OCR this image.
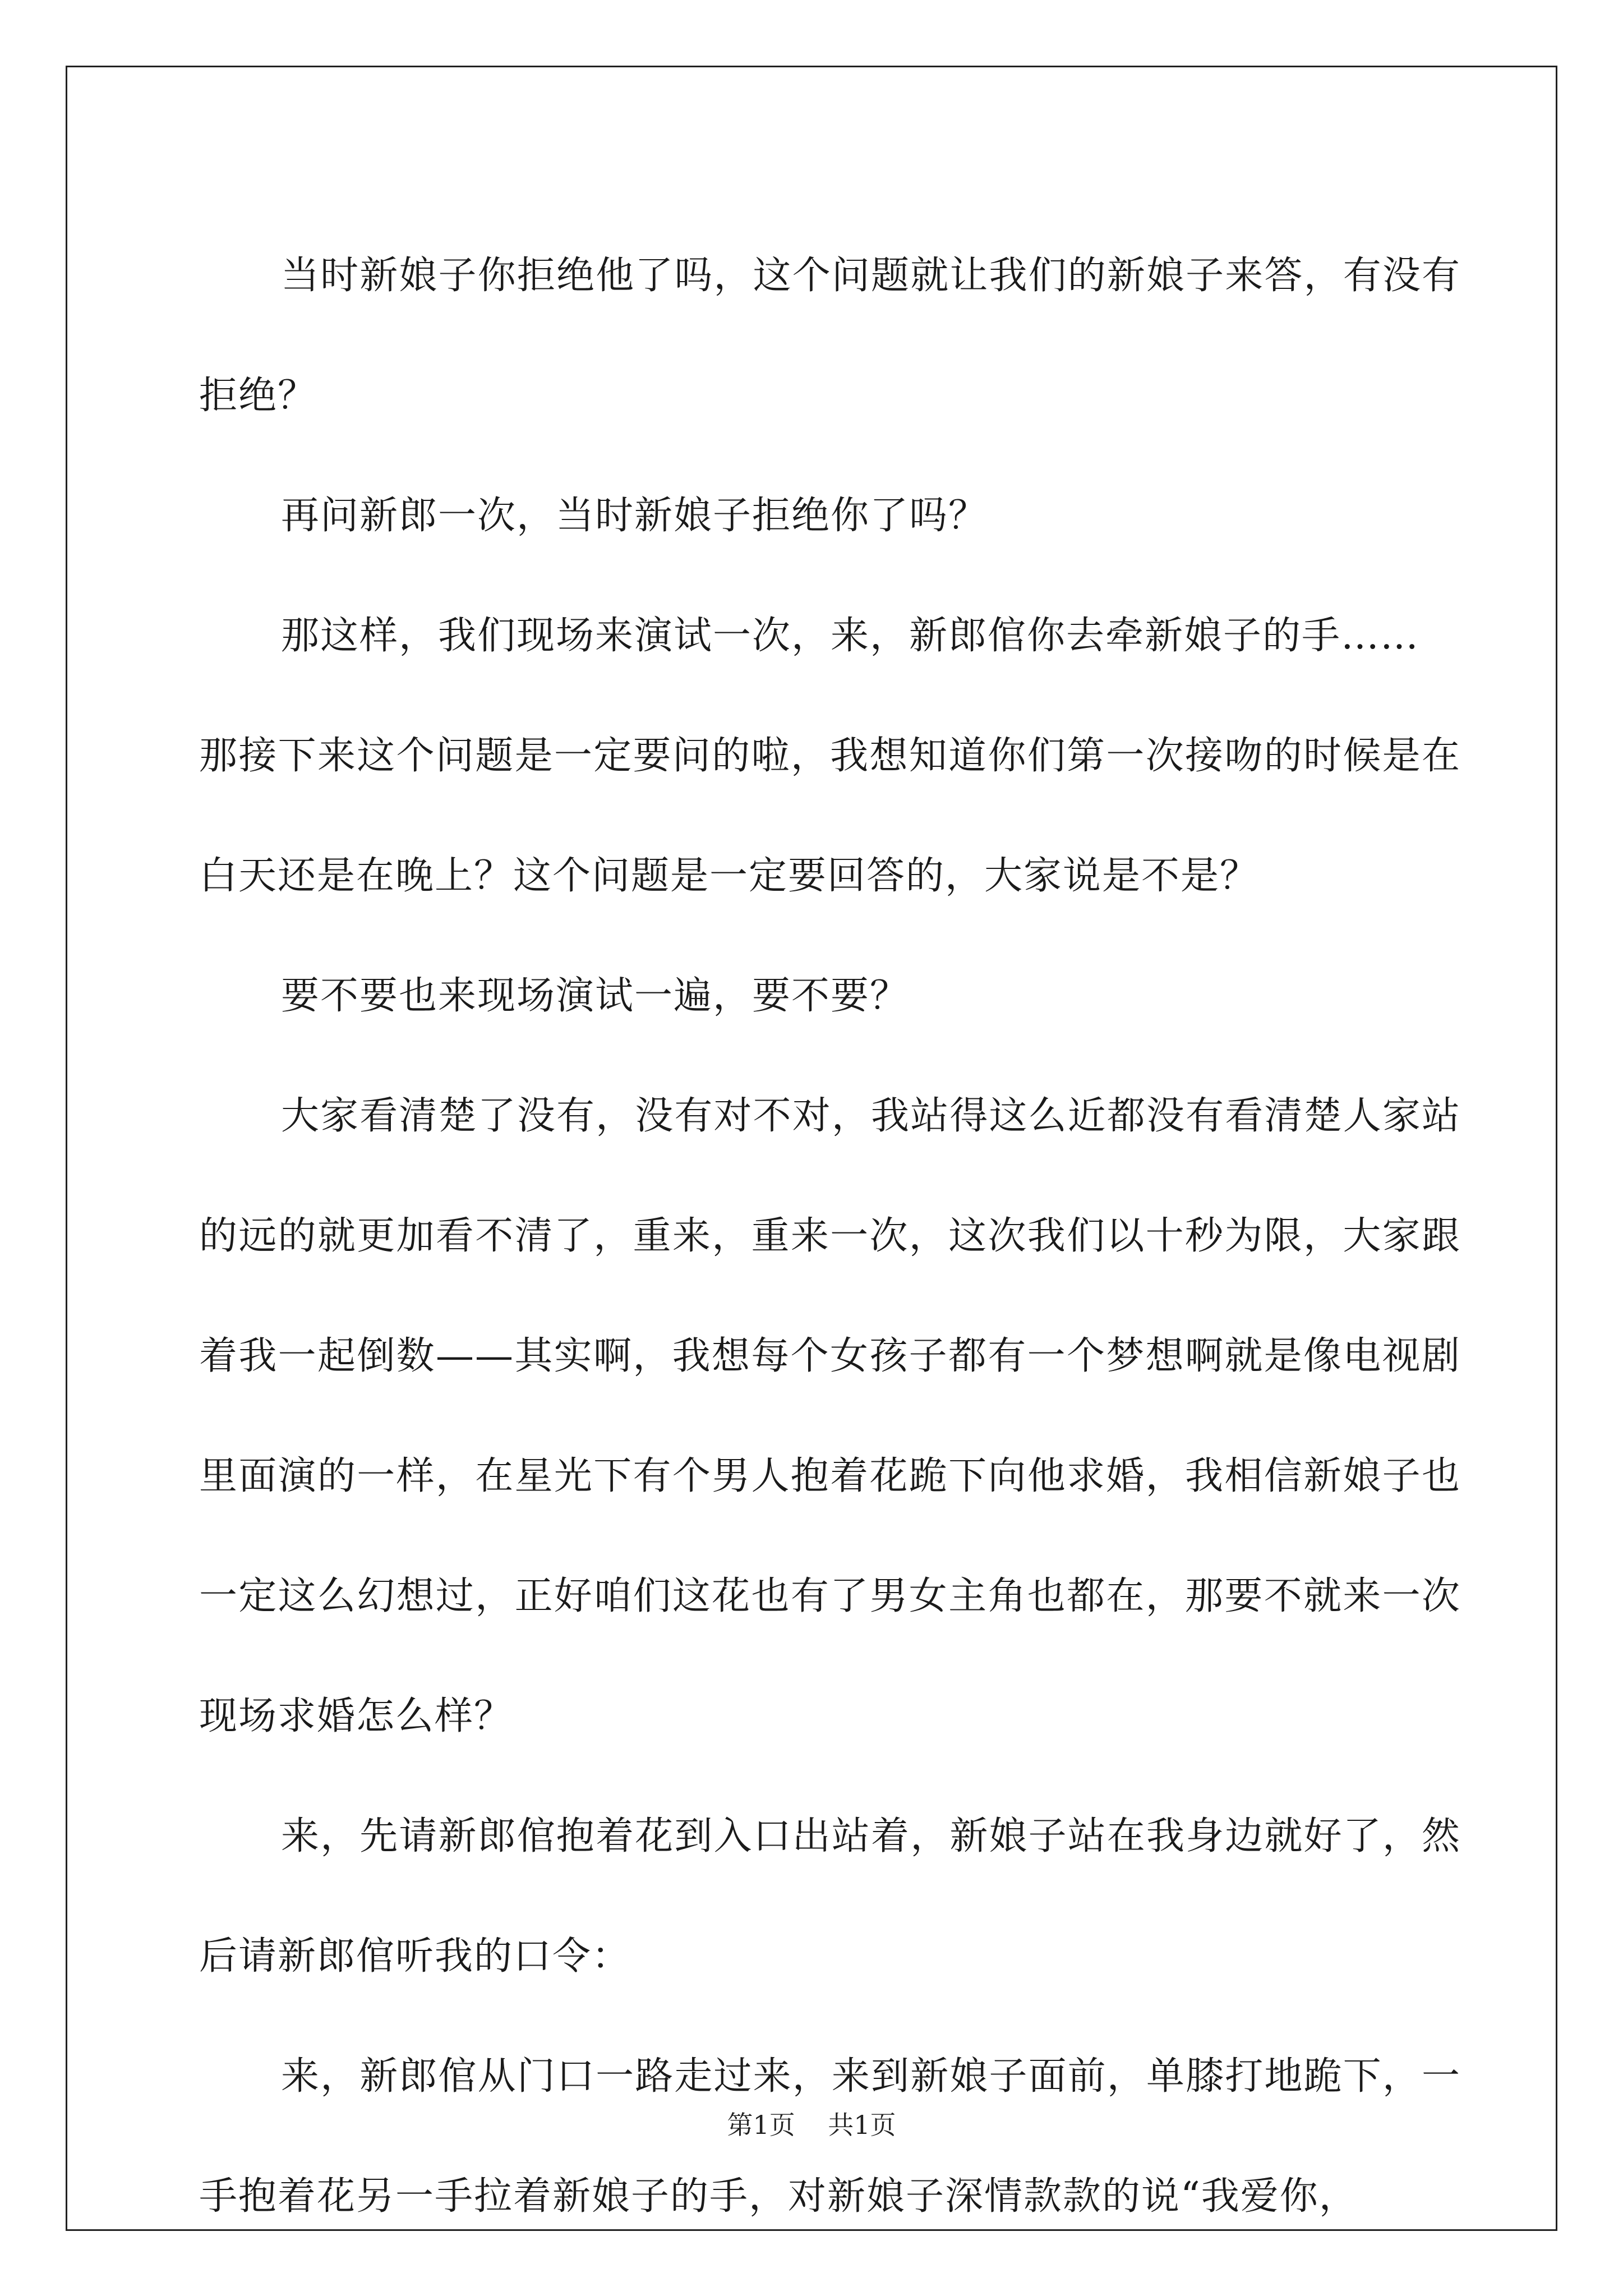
当时新娘子你拒绝他了吗，这个问题就让我们的新娘子来答，有没有拒绝？

再问新郎一次，当时新娘子拒绝你了吗？

那这样，我们现场来演试一次，来，新郎倌你去牵新娘子的手……

那接下来这个问题是一定要问的啦，我想知道你们第一次接吻的时候是在白天还是在晚上？这个问题是一定要回答的，大家说是不是？

要不要也来现场演试一遍，要不要？

大家看清楚了没有，没有对不对，我站得这么近都没有看清楚人家站的远的就更加看不清了，重来，重来一次，这次我们以十秒为限，大家跟着我一起倒数——其实啊，我想每个女孩子都有一个梦想啊就是像电视剧里面演的一样，在星光下有个男人抱着花跪下向他求婚，我相信新娘子也一定这么幻想过，正好咱们这花也有了男女主角也都在，那要不就来一次现场求婚怎么样？

来，先请新郎倌抱着花到入口出站着，新娘子站在我身边就好了，然后请新郎倌听我的口令：

来，新郎倌从门口一路走过来，来到新娘子面前，单膝打地跪下，一手抱着花另一手拉着新娘子的手，对新娘子深情款款的说“我爱你，

第1页 共1页
